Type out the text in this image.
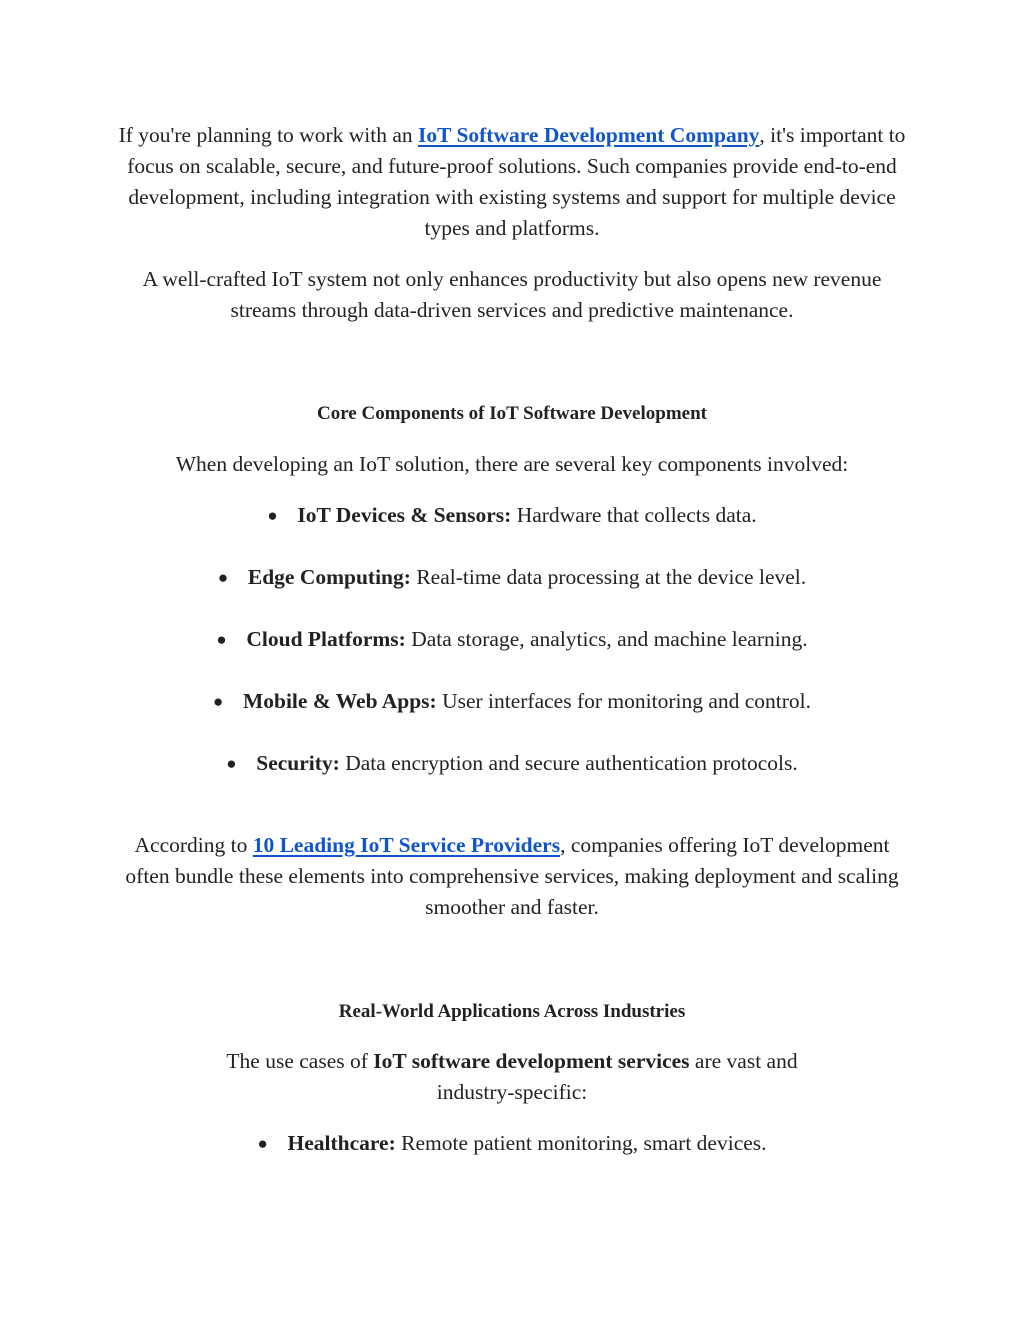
If you're planning to work with an IoT Software Development Company, it's important to focus on scalable, secure, and future-proof solutions. Such companies provide end-to-end development, including integration with existing systems and support for multiple device types and platforms.

A well-crafted IoT system not only enhances productivity but also opens new revenue streams through data-driven services and predictive maintenance.

Core Components of IoT Software Development

When developing an IoT solution, there are several key components involved:

● IoT Devices & Sensors: Hardware that collects data.

● Edge Computing: Real-time data processing at the device level.

● Cloud Platforms: Data storage, analytics, and machine learning.

● Mobile & Web Apps: User interfaces for monitoring and control.

● Security: Data encryption and secure authentication protocols.

According to 10 Leading IoT Service Providers, companies offering IoT development often bundle these elements into comprehensive services, making deployment and scaling smoother and faster.

Real-World Applications Across Industries

The use cases of IoT software development services are vast and industry-specific:

● Healthcare: Remote patient monitoring, smart devices.
